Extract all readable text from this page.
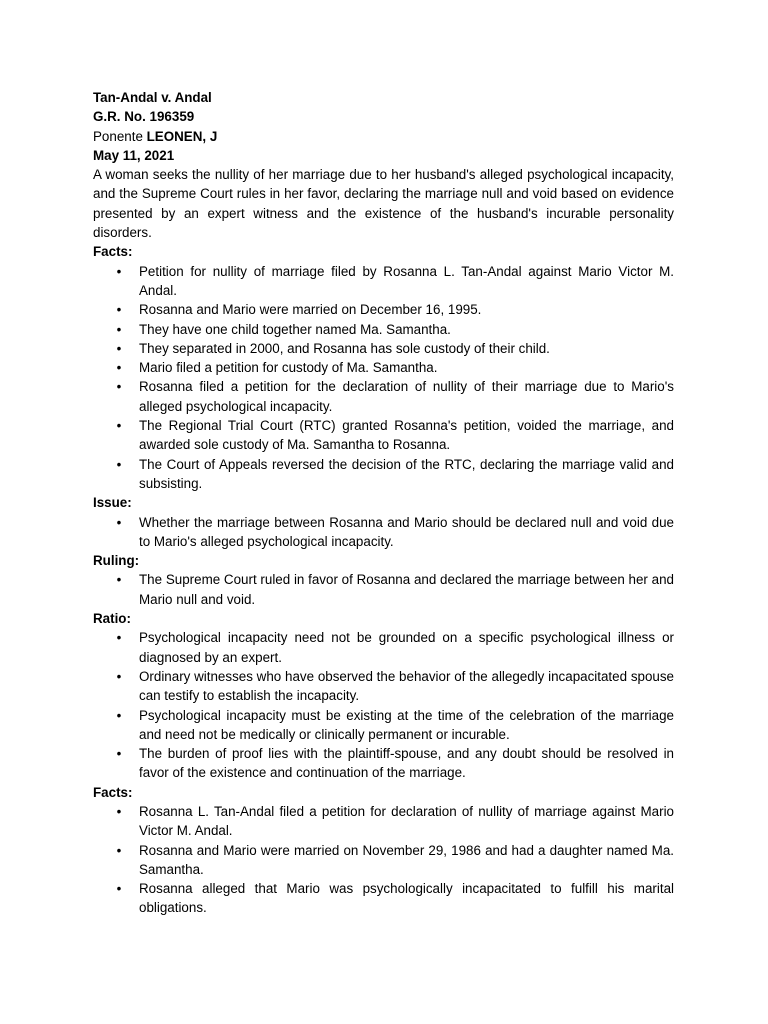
Tan-Andal v. Andal
G.R. No. 196359
Ponente LEONEN, J
May 11, 2021

A woman seeks the nullity of her marriage due to her husband's alleged psychological incapacity, and the Supreme Court rules in her favor, declaring the marriage null and void based on evidence presented by an expert witness and the existence of the husband's incurable personality disorders.

Facts:
• Petition for nullity of marriage filed by Rosanna L. Tan-Andal against Mario Victor M. Andal.
• Rosanna and Mario were married on December 16, 1995.
• They have one child together named Ma. Samantha.
• They separated in 2000, and Rosanna has sole custody of their child.
• Mario filed a petition for custody of Ma. Samantha.
• Rosanna filed a petition for the declaration of nullity of their marriage due to Mario's alleged psychological incapacity.
• The Regional Trial Court (RTC) granted Rosanna's petition, voided the marriage, and awarded sole custody of Ma. Samantha to Rosanna.
• The Court of Appeals reversed the decision of the RTC, declaring the marriage valid and subsisting.
Issue:
• Whether the marriage between Rosanna and Mario should be declared null and void due to Mario's alleged psychological incapacity.
Ruling:
• The Supreme Court ruled in favor of Rosanna and declared the marriage between her and Mario null and void.
Ratio:
• Psychological incapacity need not be grounded on a specific psychological illness or diagnosed by an expert.
• Ordinary witnesses who have observed the behavior of the allegedly incapacitated spouse can testify to establish the incapacity.
• Psychological incapacity must be existing at the time of the celebration of the marriage and need not be medically or clinically permanent or incurable.
• The burden of proof lies with the plaintiff-spouse, and any doubt should be resolved in favor of the existence and continuation of the marriage.
Facts:
• Rosanna L. Tan-Andal filed a petition for declaration of nullity of marriage against Mario Victor M. Andal.
• Rosanna and Mario were married on November 29, 1986 and had a daughter named Ma. Samantha.
• Rosanna alleged that Mario was psychologically incapacitated to fulfill his marital obligations.
